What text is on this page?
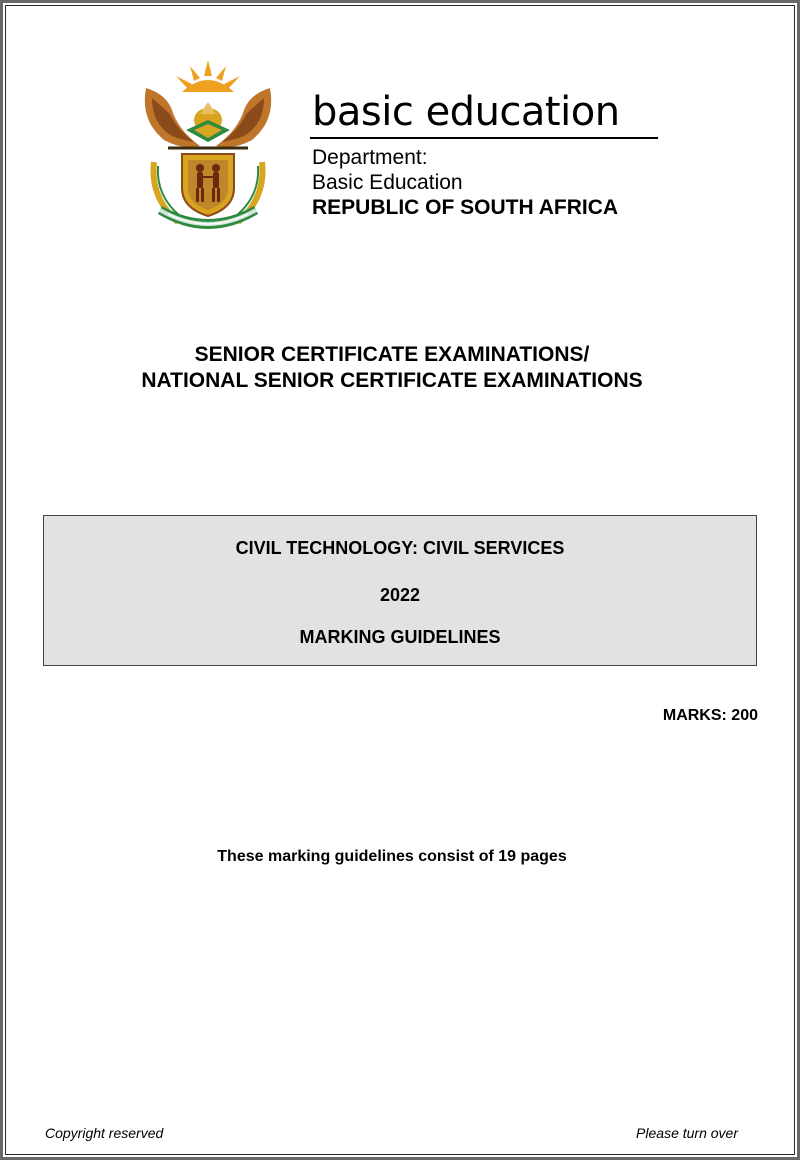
basic education
Department:
Basic Education
REPUBLIC OF SOUTH AFRICA
SENIOR CERTIFICATE EXAMINATIONS/
NATIONAL SENIOR CERTIFICATE EXAMINATIONS
CIVIL TECHNOLOGY: CIVIL SERVICES
2022
MARKING GUIDELINES
MARKS: 200
These marking guidelines consist of 19 pages
Copyright reserved	Please turn over
